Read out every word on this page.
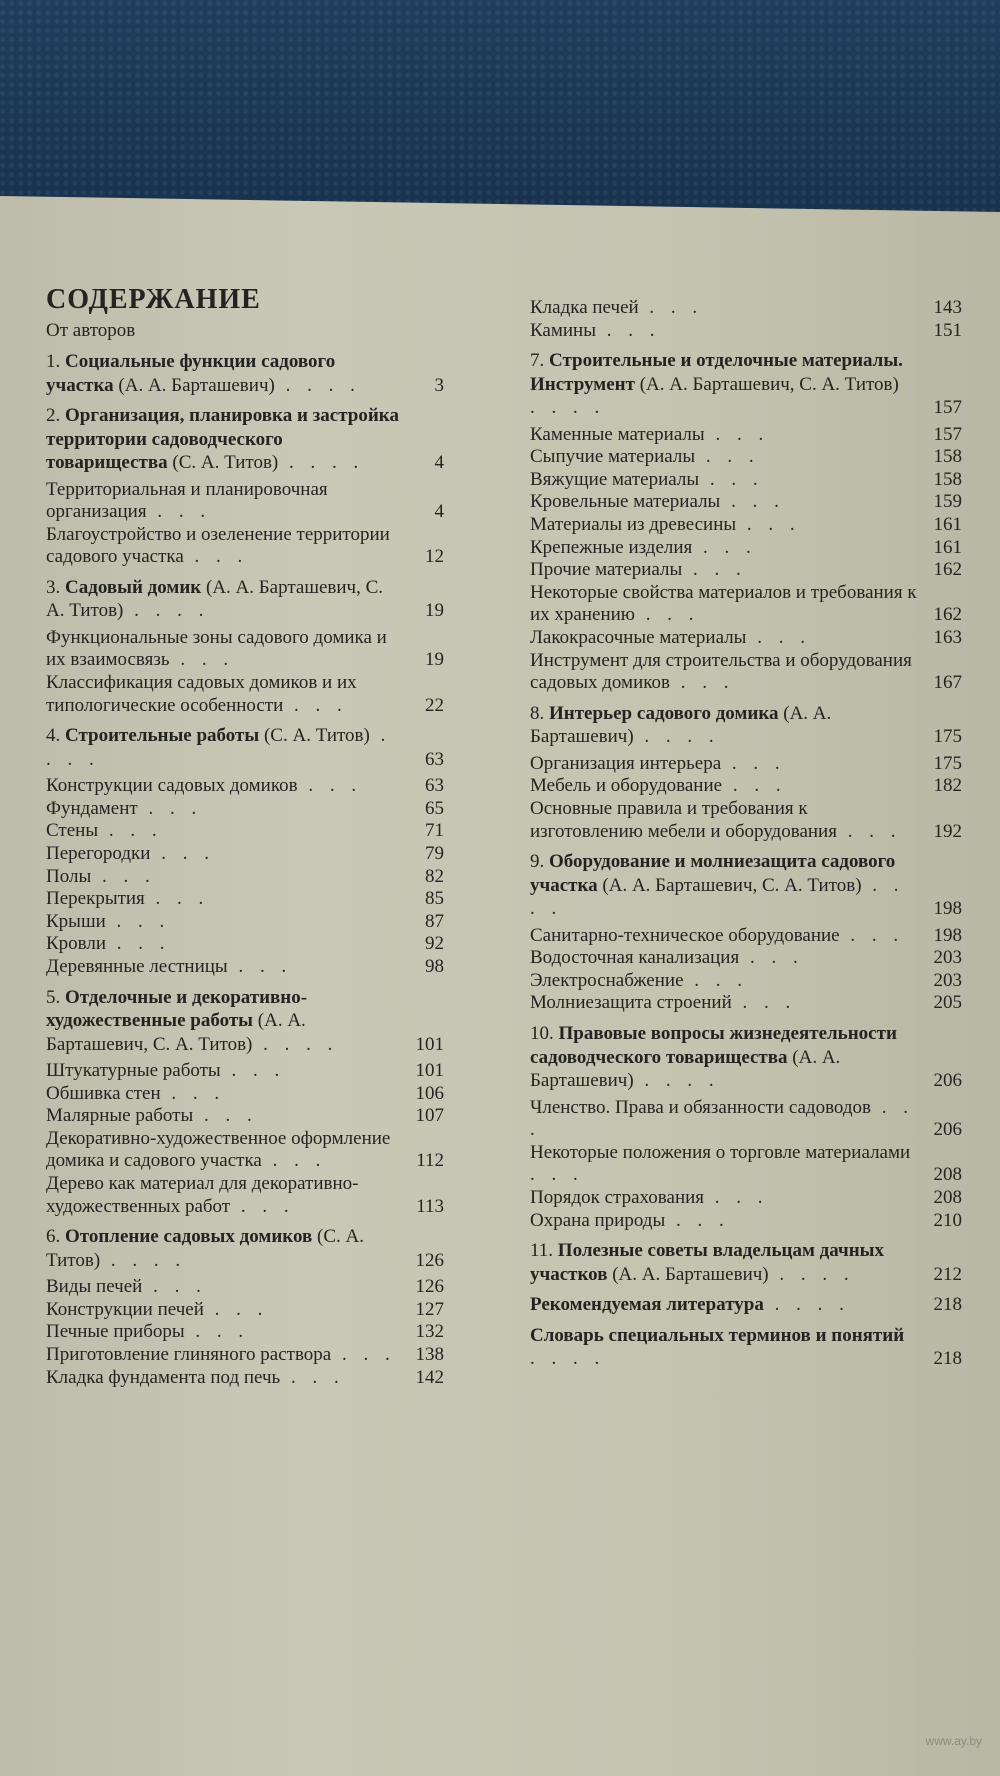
СОДЕРЖАНИЕ
От авторов
1. Социальные функции садового участка (А. А. Барташевич) . . . .	3
2. Организация, планировка и застройка территории садоводческого товарищества (С. А. Титов) . . . .	4
Территориальная и планировочная организация . . .	4
Благоустройство и озеленение территории садового участка . . .	12
3. Садовый домик (А. А. Барташевич, С. А. Титов) . . . .	19
Функциональные зоны садового домика и их взаимосвязь . . .	19
Классификация садовых домиков и их типологические особенности . . .	22
4. Строительные работы (С. А. Титов) . . . .	63
Конструкции садовых домиков . . .	63
Фундамент . . .	65
Стены . . .	71
Перегородки . . .	79
Полы . . .	82
Перекрытия . . .	85
Крыши . . .	87
Кровли . . .	92
Деревянные лестницы . . .	98
5. Отделочные и декоративно-художественные работы (А. А. Барташевич, С. А. Титов) . . . .	101
Штукатурные работы . . .	101
Обшивка стен . . .	106
Малярные работы . . .	107
Декоративно-художественное оформление домика и садового участка . . .	112
Дерево как материал для декоративно-художественных работ . . .	113
6. Отопление садовых домиков (С. А. Титов) . . . .	126
Виды печей . . .	126
Конструкции печей . . .	127
Печные приборы . . .	132
Приготовление глиняного раствора . . .	138
Кладка фундамента под печь . . .	142
Кладка печей . . .	143
Камины . . .	151
7. Строительные и отделочные материалы. Инструмент (А. А. Барташевич, С. А. Титов) . . . .	157
Каменные материалы . . .	157
Сыпучие материалы . . .	158
Вяжущие материалы . . .	158
Кровельные материалы . . .	159
Материалы из древесины . . .	161
Крепежные изделия . . .	161
Прочие материалы . . .	162
Некоторые свойства материалов и требования к их хранению . . .	162
Лакокрасочные материалы . . .	163
Инструмент для строительства и оборудования садовых домиков . . .	167
8. Интерьер садового домика (А. А. Барташевич) . . . .	175
Организация интерьера . . .	175
Мебель и оборудование . . .	182
Основные правила и требования к изготовлению мебели и оборудования . . .	192
9. Оборудование и молниезащита садового участка (А. А. Барташевич, С. А. Титов) . . . .	198
Санитарно-техническое оборудование . . .	198
Водосточная канализация . . .	203
Электроснабжение . . .	203
Молниезащита строений . . .	205
10. Правовые вопросы жизнедеятельности садоводческого товарищества (А. А. Барташевич) . . . .	206
Членство. Права и обязанности садоводов . . .	206
Некоторые положения о торговле материалами . . .	208
Порядок страхования . . .	208
Охрана природы . . .	210
11. Полезные советы владельцам дачных участков (А. А. Барташевич) . . . .	212
Рекомендуемая литература . . . .	218
Словарь специальных терминов и понятий . . . .	218
www.ay.by
